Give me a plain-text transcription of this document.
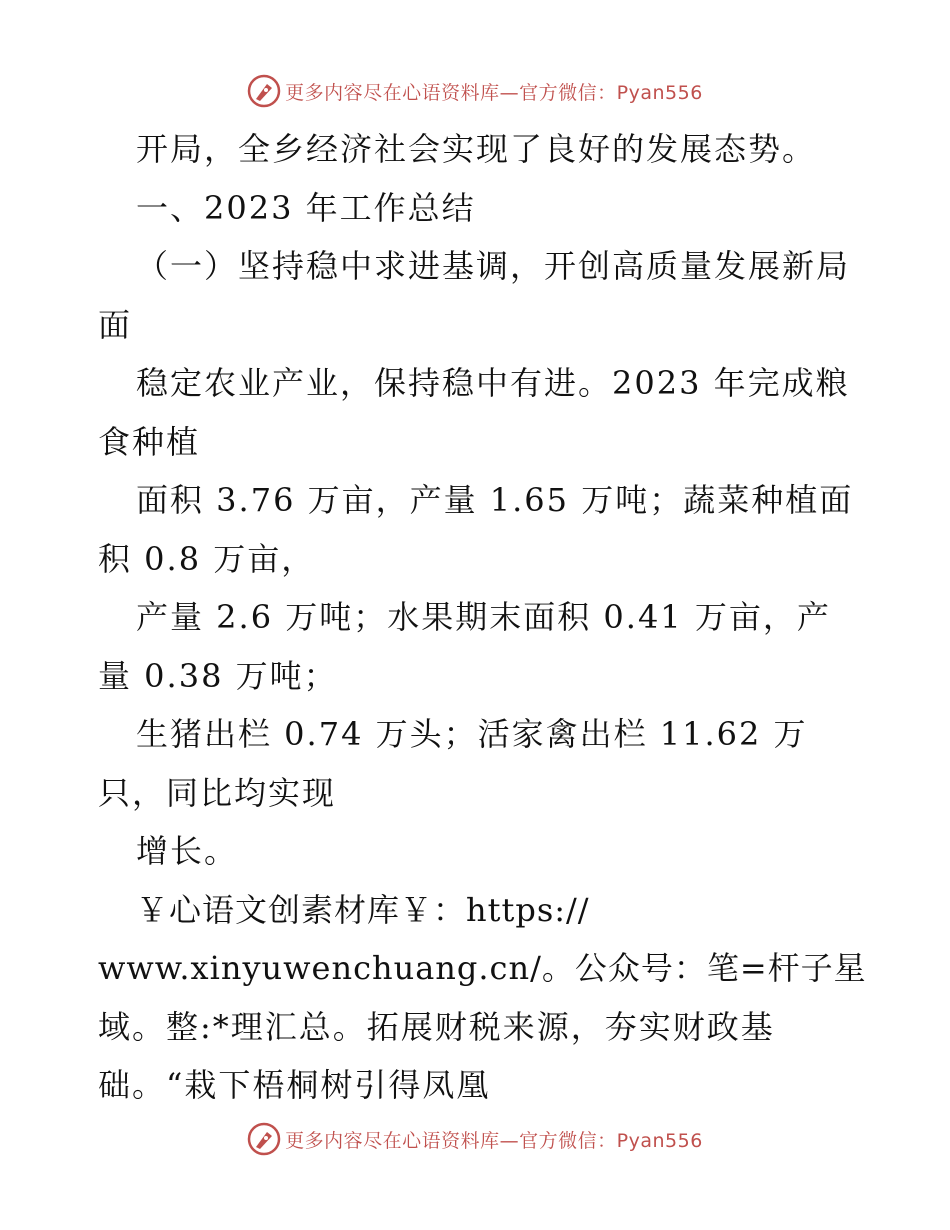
更多内容尽在心语资料库—官方微信：Pyan556
开局，全乡经济社会实现了良好的发展态势。
一、2023 年工作总结
（一）坚持稳中求进基调，开创高质量发展新局
面
稳定农业产业，保持稳中有进。2023 年完成粮
食种植
面积 3.76 万亩，产量 1.65 万吨；蔬菜种植面
积 0.8 万亩，
产量 2.6 万吨；水果期末面积 0.41 万亩，产
量 0.38 万吨；
生猪出栏 0.74 万头；活家禽出栏 11.62 万
只，同比均实现
增长。
￥心语文创素材库￥：https://
www.xinyuwenchuang.cn/。公众号：笔=杆子星
域。整:*理汇总。拓展财税来源，夯实财政基
础。“栽下梧桐树引得凤凰
更多内容尽在心语资料库—官方微信：Pyan556
